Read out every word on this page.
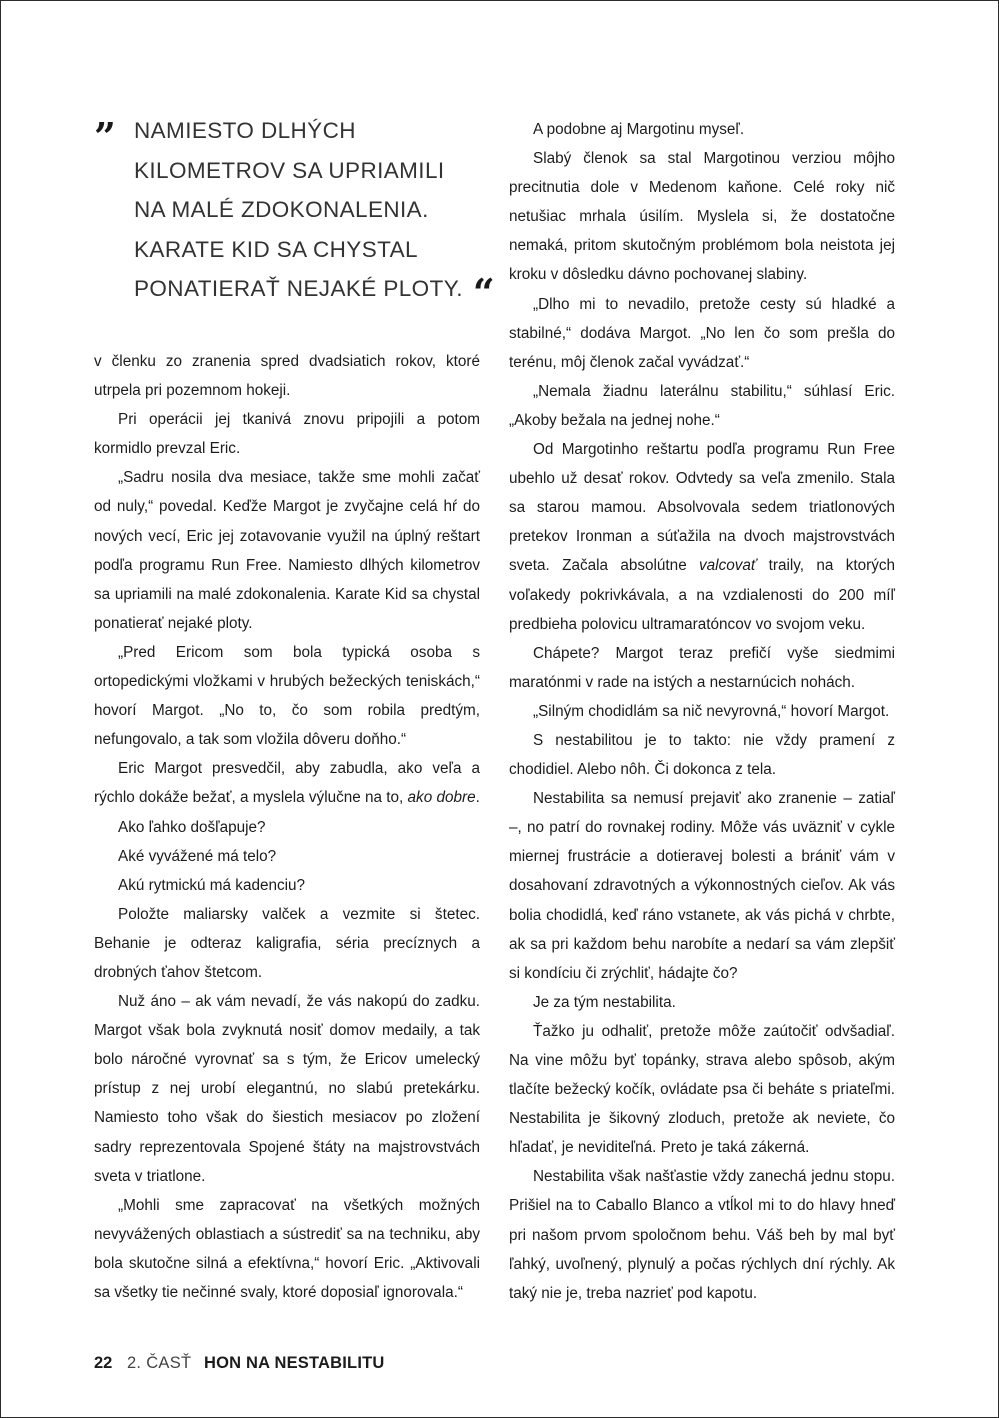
” NAMIESTO DLHÝCH
KILOMETROV SA UPRIAMILI
NA MALÉ ZDOKONALENIA.
KARATE KID SA CHYSTAL
PONATIERAŤ NEJAKÉ PLOTY. “

v členku zo zranenia spred dvadsiatich rokov, ktoré utrpela pri pozemnom hokeji.

Pri operácii jej tkanivá znovu pripojili a potom kormidlo prevzal Eric.

„Sadru nosila dva mesiace, takže sme mohli začať od nuly,“ povedal. Keďže Margot je zvyčajne celá hŕ do nových vecí, Eric jej zotavovanie využil na úplný reštart podľa programu Run Free. Namiesto dlhých kilometrov sa upriamili na malé zdokonalenia. Karate Kid sa chystal ponatierať nejaké ploty.

„Pred Ericom som bola typická osoba s ortopedickými vložkami v hrubých bežeckých teniskách,“ hovorí Margot. „No to, čo som robila predtým, nefungovalo, a tak som vložila dôveru doňho.“

Eric Margot presvedčil, aby zabudla, ako veľa a rýchlo dokáže bežať, a myslela výlučne na to, ako dobre.

Ako ľahko došľapuje?

Aké vyvážené má telo?

Akú rytmickú má kadenciu?

Položte maliarsky valček a vezmite si štetec. Behanie je odteraz kaligrafia, séria precíznych a drobných ťahov štetcom.

Nuž áno – ak vám nevadí, že vás nakopú do zadku. Margot však bola zvyknutá nosiť domov medaily, a tak bolo náročné vyrovnať sa s tým, že Ericov umelecký prístup z nej urobí elegantnú, no slabú pretekárku. Namiesto toho však do šiestich mesiacov po zložení sadry reprezentovala Spojené štáty na majstrovstvách sveta v triatlone.

„Mohli sme zapracovať na všetkých možných nevyvážených oblastiach a sústrediť sa na techniku, aby bola skutočne silná a efektívna,“ hovorí Eric. „Aktivovali sa všetky tie nečinné svaly, ktoré doposiaľ ignorovala.“

A podobne aj Margotinu myseľ.

Slabý členok sa stal Margotinou verziou môjho precitnutia dole v Medenom kaňone. Celé roky nič netušiac mrhala úsilím. Myslela si, že dostatočne nemaká, pritom skutočným problémom bola neistota jej kroku v dôsledku dávno pochovanej slabiny.

„Dlho mi to nevadilo, pretože cesty sú hladké a stabilné,“ dodáva Margot. „No len čo som prešla do terénu, môj členok začal vyvádzať.“

„Nemala žiadnu laterálnu stabilitu,“ súhlasí Eric. „Akoby bežala na jednej nohe.“

Od Margotinho reštartu podľa programu Run Free ubehlo už desať rokov. Odvtedy sa veľa zmenilo. Stala sa starou mamou. Absolvovala sedem triatlonových pretekov Ironman a súťažila na dvoch majstrovstvách sveta. Začala absolútne valcovať traily, na ktorých voľakedy pokrivkávala, a na vzdialenosti do 200 míľ predbieha polovicu ultramaratóncov vo svojom veku.

Chápete? Margot teraz prefičí vyše siedmimi maratónmi v rade na istých a nestarnúcich nohách.

„Silným chodidlám sa nič nevyrovná,“ hovorí Margot.

S nestabilitou je to takto: nie vždy pramení z chodidiel. Alebo nôh. Či dokonca z tela.

Nestabilita sa nemusí prejaviť ako zranenie – zatiaľ –, no patrí do rovnakej rodiny. Môže vás uväzniť v cykle miernej frustrácie a dotieravej bolesti a brániť vám v dosahovaní zdravotných a výkonnostných cieľov. Ak vás bolia chodidlá, keď ráno vstanete, ak vás pichá v chrbte, ak sa pri každom behu narobíte a nedarí sa vám zlepšiť si kondíciu či zrýchliť, hádajte čo?

Je za tým nestabilita.

Ťažko ju odhaliť, pretože môže zaútočiť odvšadiaľ. Na vine môžu byť topánky, strava alebo spôsob, akým tlačíte bežecký kočík, ovládate psa či beháte s priateľmi. Nestabilita je šikovný zloduch, pretože ak neviete, čo hľadať, je neviditeľná. Preto je taká zákerná.

Nestabilita však našťastie vždy zanechá jednu stopu. Prišiel na to Caballo Blanco a vtĺkol mi to do hlavy hneď pri našom prvom spoločnom behu. Váš beh by mal byť ľahký, uvoľnený, plynulý a počas rýchlych dní rýchly. Ak taký nie je, treba nazrieť pod kapotu.

22 2. ČASŤ HON NA NESTABILITU
